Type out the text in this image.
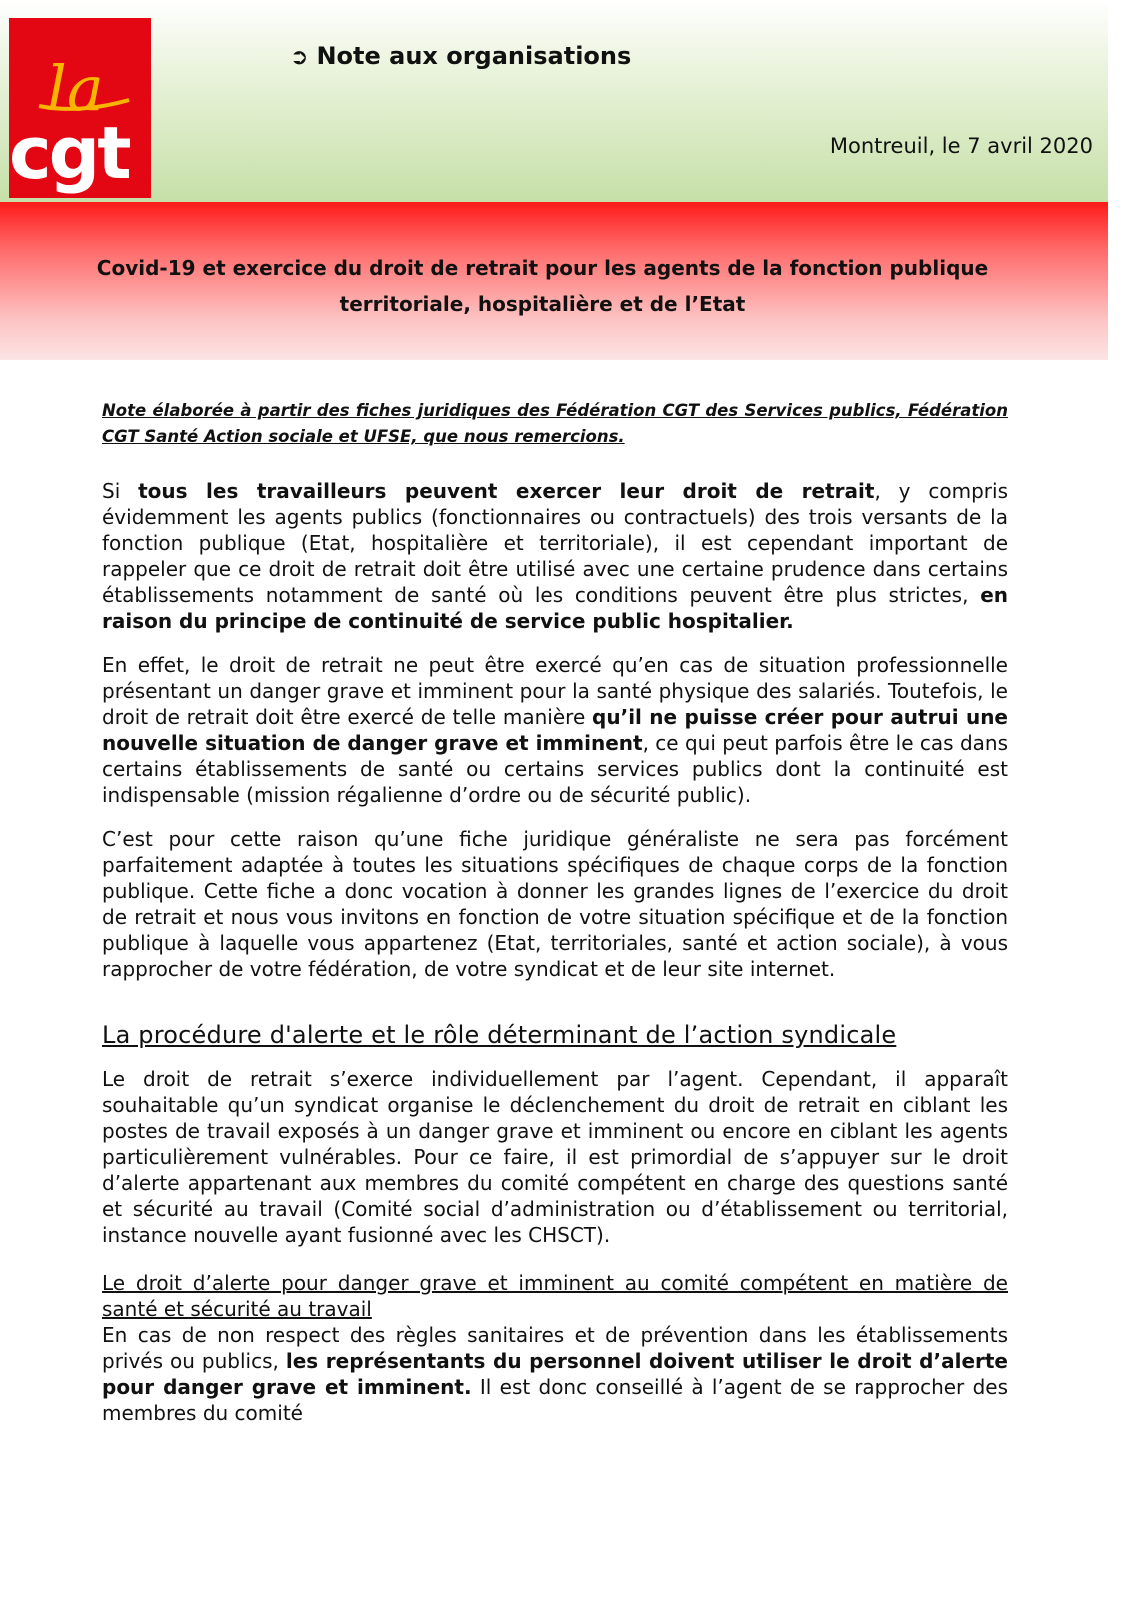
la
cgt
➲ Note aux organisations
Montreuil, le 7 avril 2020
Covid-19 et exercice du droit de retrait pour les agents de la fonction publique
territoriale, hospitalière et de l’Etat

Note élaborée à partir des fiches juridiques des Fédération CGT des Services publics, Fédération CGT Santé Action sociale et UFSE, que nous remercions.

Si tous les travailleurs peuvent exercer leur droit de retrait, y compris évidemment les agents publics (fonctionnaires ou contractuels) des trois versants de la fonction publique (Etat, hospitalière et territoriale), il est cependant important de rappeler que ce droit de retrait doit être utilisé avec une certaine prudence dans certains établissements notamment de santé où les conditions peuvent être plus strictes, en raison du principe de continuité de service public hospitalier.

En effet, le droit de retrait ne peut être exercé qu’en cas de situation professionnelle présentant un danger grave et imminent pour la santé physique des salariés. Toutefois, le droit de retrait doit être exercé de telle manière qu’il ne puisse créer pour autrui une nouvelle situation de danger grave et imminent, ce qui peut parfois être le cas dans certains établissements de santé ou certains services publics dont la continuité est indispensable (mission régalienne d’ordre ou de sécurité public).

C’est pour cette raison qu’une fiche juridique généraliste ne sera pas forcément parfaitement adaptée à toutes les situations spécifiques de chaque corps de la fonction publique. Cette fiche a donc vocation à donner les grandes lignes de l’exercice du droit de retrait et nous vous invitons en fonction de votre situation spécifique et de la fonction publique à laquelle vous appartenez (Etat, territoriales, santé et action sociale), à vous rapprocher de votre fédération, de votre syndicat et de leur site internet.

La procédure d'alerte et le rôle déterminant de l’action syndicale

Le droit de retrait s’exerce individuellement par l’agent. Cependant, il apparaît souhaitable qu’un syndicat organise le déclenchement du droit de retrait en ciblant les postes de travail exposés à un danger grave et imminent ou encore en ciblant les agents particulièrement vulnérables. Pour ce faire, il est primordial de s’appuyer sur le droit d’alerte appartenant aux membres du comité compétent en charge des questions santé et sécurité au travail (Comité social d’administration ou d’établissement ou territorial, instance nouvelle ayant fusionné avec les CHSCT).

Le droit d’alerte pour danger grave et imminent au comité compétent en matière de santé et sécurité au travail

En cas de non respect des règles sanitaires et de prévention dans les établissements privés ou publics, les représentants du personnel doivent utiliser le droit d’alerte pour danger grave et imminent. Il est donc conseillé à l’agent de se rapprocher des membres du comité
